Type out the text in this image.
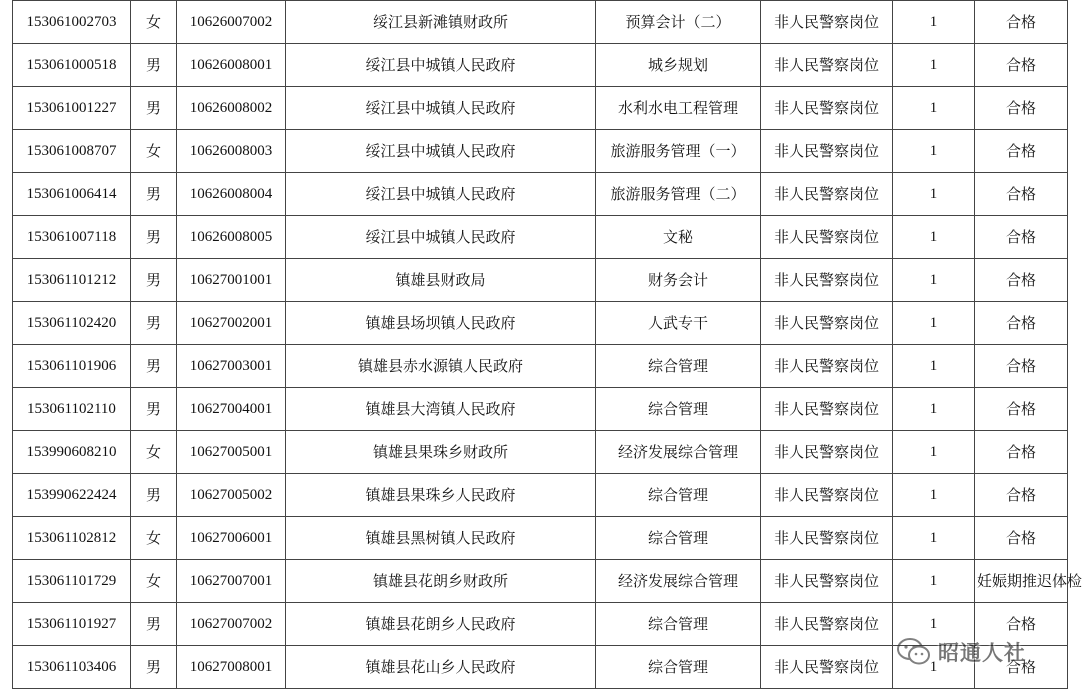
153061002703	女	10626007002	绥江县新滩镇财政所	预算会计（二）	非人民警察岗位	1	合格
153061000518	男	10626008001	绥江县中城镇人民政府	城乡规划	非人民警察岗位	1	合格
153061001227	男	10626008002	绥江县中城镇人民政府	水利水电工程管理	非人民警察岗位	1	合格
153061008707	女	10626008003	绥江县中城镇人民政府	旅游服务管理（一）	非人民警察岗位	1	合格
153061006414	男	10626008004	绥江县中城镇人民政府	旅游服务管理（二）	非人民警察岗位	1	合格
153061007118	男	10626008005	绥江县中城镇人民政府	文秘	非人民警察岗位	1	合格
153061101212	男	10627001001	镇雄县财政局	财务会计	非人民警察岗位	1	合格
153061102420	男	10627002001	镇雄县场坝镇人民政府	人武专干	非人民警察岗位	1	合格
153061101906	男	10627003001	镇雄县赤水源镇人民政府	综合管理	非人民警察岗位	1	合格
153061102110	男	10627004001	镇雄县大湾镇人民政府	综合管理	非人民警察岗位	1	合格
153990608210	女	10627005001	镇雄县果珠乡财政所	经济发展综合管理	非人民警察岗位	1	合格
153990622424	男	10627005002	镇雄县果珠乡人民政府	综合管理	非人民警察岗位	1	合格
153061102812	女	10627006001	镇雄县黑树镇人民政府	综合管理	非人民警察岗位	1	合格
153061101729	女	10627007001	镇雄县花朗乡财政所	经济发展综合管理	非人民警察岗位	1	妊娠期推迟体检
153061101927	男	10627007002	镇雄县花朗乡人民政府	综合管理	非人民警察岗位	1	合格
153061103406	男	10627008001	镇雄县花山乡人民政府	综合管理	非人民警察岗位	1	合格
昭通人社
